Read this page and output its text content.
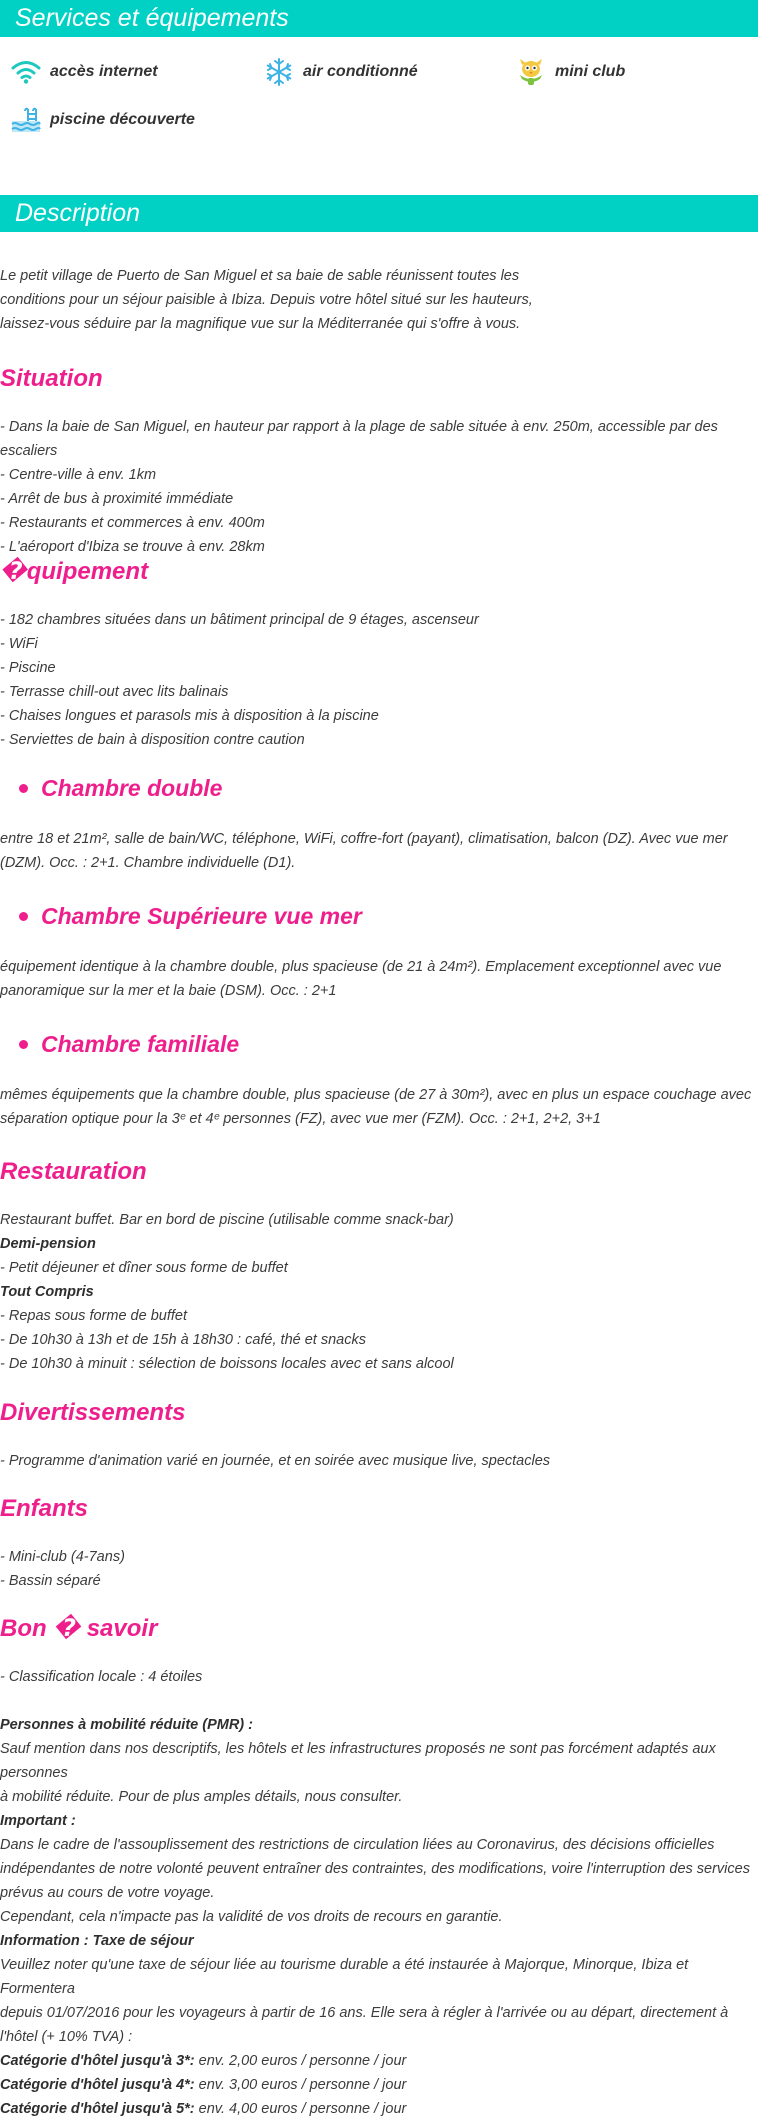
Services et équipements
accès internet	air conditionné	mini club
piscine découverte
Description

Le petit village de Puerto de San Miguel et sa baie de sable réunissent toutes les

conditions pour un séjour paisible à Ibiza. Depuis votre hôtel situé sur les hauteurs,

laissez-vous séduire par la magnifique vue sur la Méditerranée qui s'offre à vous.

Situation

- Dans la baie de San Miguel, en hauteur par rapport à la plage de sable située à env. 250m, accessible par des escaliers

- Centre-ville à env. 1km

- Arrêt de bus à proximité immédiate

- Restaurants et commerces à env. 400m

- L'aéroport d'Ibiza se trouve à env. 28km

�quipement

- 182 chambres situées dans un bâtiment principal de 9 étages, ascenseur

- WiFi

- Piscine

- Terrasse chill-out avec lits balinais

- Chaises longues et parasols mis à disposition à la piscine

- Serviettes de bain à disposition contre caution

Chambre double

entre 18 et 21m², salle de bain/WC, téléphone, WiFi, coffre-fort (payant), climatisation, balcon (DZ). Avec vue mer

(DZM). Occ. : 2+1. Chambre individuelle (D1).

Chambre Supérieure vue mer

équipement identique à la chambre double, plus spacieuse (de 21 à 24m²). Emplacement exceptionnel avec vue

panoramique sur la mer et la baie (DSM). Occ. : 2+1

Chambre familiale

mêmes équipements que la chambre double, plus spacieuse (de 27 à 30m²), avec en plus un espace couchage avec

séparation optique pour la 3ᵉ et 4ᵉ personnes (FZ), avec vue mer (FZM). Occ. : 2+1, 2+2, 3+1

Restauration

Restaurant buffet. Bar en bord de piscine (utilisable comme snack-bar)

Demi-pension

- Petit déjeuner et dîner sous forme de buffet

Tout Compris

- Repas sous forme de buffet

- De 10h30 à 13h et de 15h à 18h30 : café, thé et snacks

- De 10h30 à minuit : sélection de boissons locales avec et sans alcool

Divertissements

- Programme d'animation varié en journée, et en soirée avec musique live, spectacles

Enfants

- Mini-club (4-7ans)

- Bassin séparé

Bon � savoir

- Classification locale : 4 étoiles

Personnes à mobilité réduite (PMR) :

Sauf mention dans nos descriptifs, les hôtels et les infrastructures proposés ne sont pas forcément adaptés aux personnes

à mobilité réduite. Pour de plus amples détails, nous consulter.

Important :

Dans le cadre de l'assouplissement des restrictions de circulation liées au Coronavirus, des décisions officielles

indépendantes de notre volonté peuvent entraîner des contraintes, des modifications, voire l'interruption des services

prévus au cours de votre voyage.

Cependant, cela n'impacte pas la validité de vos droits de recours en garantie.

Information : Taxe de séjour

Veuillez noter qu'une taxe de séjour liée au tourisme durable a été instaurée à Majorque, Minorque, Ibiza et Formentera

depuis 01/07/2016 pour les voyageurs à partir de 16 ans. Elle sera à régler à l'arrivée ou au départ, directement à

l'hôtel (+ 10% TVA) :

Catégorie d'hôtel jusqu'à 3*: env. 2,00 euros / personne / jour

Catégorie d'hôtel jusqu'à 4*: env. 3,00 euros / personne / jour

Catégorie d'hôtel jusqu'à 5*: env. 4,00 euros / personne / jour
